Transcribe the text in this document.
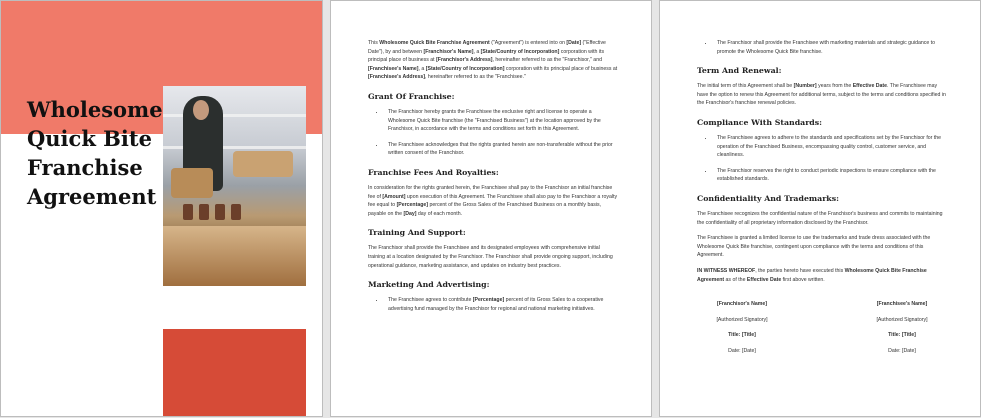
Wholesome
Quick Bite
Franchise
Agreement

This Wholesome Quick Bite Franchise Agreement ("Agreement") is entered into on [Date] ("Effective Date"), by and between [Franchisor's Name], a [State/Country of Incorporation] corporation with its principal place of business at [Franchisor's Address], hereinafter referred to as the "Franchisor," and [Franchisee's Name], a [State/Country of Incorporation] corporation with its principal place of business at [Franchisee's Address], hereinafter referred to as the "Franchisee."

Grant Of Franchise:
• The Franchisor hereby grants the Franchisee the exclusive right and license to operate a Wholesome Quick Bite franchise (the "Franchised Business") at the location approved by the Franchisor, in accordance with the terms and conditions set forth in this Agreement.
• The Franchisee acknowledges that the rights granted herein are non-transferable without the prior written consent of the Franchisor.
Franchise Fees And Royalties:

In consideration for the rights granted herein, the Franchisee shall pay to the Franchisor an initial franchise fee of [Amount] upon execution of this Agreement. The Franchisee shall also pay to the Franchisor a royalty fee equal to [Percentage] percent of the Gross Sales of the Franchised Business on a monthly basis, payable on the [Day] day of each month.

Training And Support:

The Franchisor shall provide the Franchisee and its designated employees with comprehensive initial training at a location designated by the Franchisor. The Franchisor shall provide ongoing support, including operational guidance, marketing assistance, and updates on industry best practices.

Marketing And Advertising:
• The Franchisee agrees to contribute [Percentage] percent of its Gross Sales to a cooperative advertising fund managed by the Franchisor for regional and national marketing initiatives.
• The Franchisor shall provide the Franchisee with marketing materials and strategic guidance to promote the Wholesome Quick Bite franchise.
Term And Renewal:

The initial term of this Agreement shall be [Number] years from the Effective Date. The Franchisee may have the option to renew this Agreement for additional terms, subject to the terms and conditions specified in the Franchisor's franchise renewal policies.

Compliance With Standards:
• The Franchisee agrees to adhere to the standards and specifications set by the Franchisor for the operation of the Franchised Business, encompassing quality control, customer service, and cleanliness.
• The Franchisor reserves the right to conduct periodic inspections to ensure compliance with the established standards.
Confidentiality And Trademarks:

The Franchisee recognizes the confidential nature of the Franchisor's business and commits to maintaining the confidentiality of all proprietary information disclosed by the Franchisor.

The Franchisee is granted a limited license to use the trademarks and trade dress associated with the Wholesome Quick Bite franchise, contingent upon compliance with the terms and conditions of this Agreement.

IN WITNESS WHEREOF, the parties hereto have executed this Wholesome Quick Bite Franchise Agreement as of the Effective Date first above written.

[Franchisor's Name]
[Authorized Signatory]
Title: [Title]
Date: [Date]
[Franchisee's Name]
[Authorized Signatory]
Title: [Title]
Date: [Date]
